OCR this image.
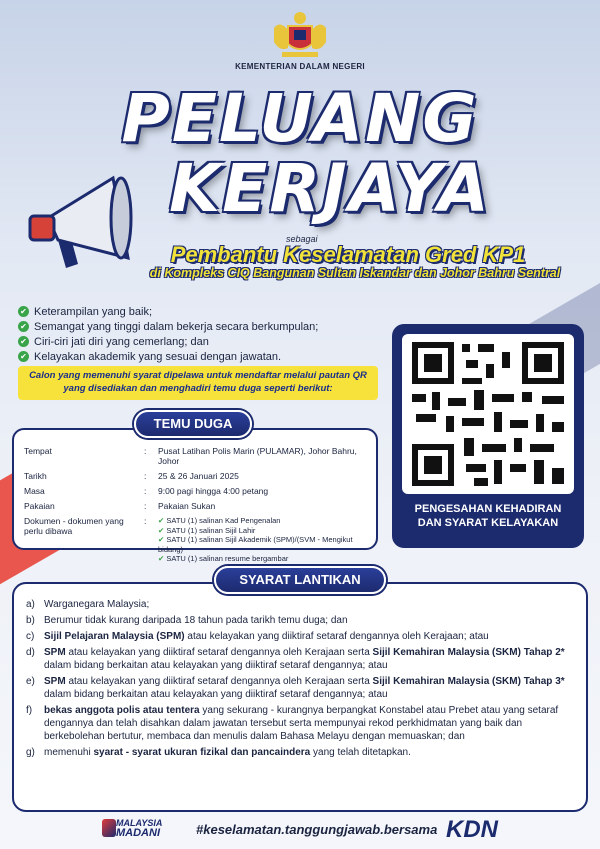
KEMENTERIAN DALAM NEGERI
PELUANG
KERJAYA
sebagai
Pembantu Keselamatan Gred KP1
di Kompleks CIQ Bangunan Sultan Iskandar dan Johor Bahru Sentral
✔ Keterampilan yang baik;
✔ Semangat yang tinggi dalam bekerja secara berkumpulan;
✔ Ciri-ciri jati diri yang cemerlang; dan
✔ Kelayakan akademik yang sesuai dengan jawatan.
Calon yang memenuhi syarat dipelawa untuk mendaftar melalui pautan QR yang disediakan dan menghadiri temu duga seperti berikut:
PENGESAHAN KEHADIRAN
DAN SYARAT KELAYAKAN
Tempat	:	Pusat Latihan Polis Marin (PULAMAR), Johor Bahru, Johor
Tarikh	:	25 & 26 Januari 2025
Masa	:	9:00 pagi hingga 4:00 petang
Pakaian	:	Pakaian Sukan
Dokumen - dokumen yang perlu dibawa
:
✔	SATU (1) salinan Kad Pengenalan
✔ SATU (1) salinan Sijil Lahir
✔ SATU (1) salinan Sijil Akademik (SPM)/(SVM - Mengikut bidang)
✔ SATU (1) salinan resume bergambar
TEMU DUGA
a) Warganegara Malaysia;
b) Berumur tidak kurang daripada 18 tahun pada tarikh temu duga; dan
c) Sijil Pelajaran Malaysia (SPM) atau kelayakan yang diiktiraf setaraf dengannya oleh Kerajaan; atau
d) SPM atau kelayakan yang diiktiraf setaraf dengannya oleh Kerajaan serta Sijil Kemahiran Malaysia (SKM) Tahap 2* dalam bidang berkaitan atau kelayakan yang diiktiraf setaraf dengannya; atau
e) SPM atau kelayakan yang diiktiraf setaraf dengannya oleh Kerajaan serta Sijil Kemahiran Malaysia (SKM) Tahap 3* dalam bidang berkaitan atau kelayakan yang diiktiraf setaraf dengannya; atau
f)	bekas anggota polis atau tentera yang sekurang - kurangnya berpangkat Konstabel atau Prebet atau yang setaraf dengannya dan telah disahkan dalam jawatan tersebut serta mempunyai rekod perkhidmatan yang baik dan berkebolehan bertutur, membaca dan menulis dalam Bahasa Melayu dengan memuaskan; dan
g) memenuhi syarat - syarat ukuran fizikal dan pancaindera yang telah ditetapkan.
SYARAT LANTIKAN
MALAYSIA
MADANI	#keselamatan.tanggungjawab.bersama KDN
